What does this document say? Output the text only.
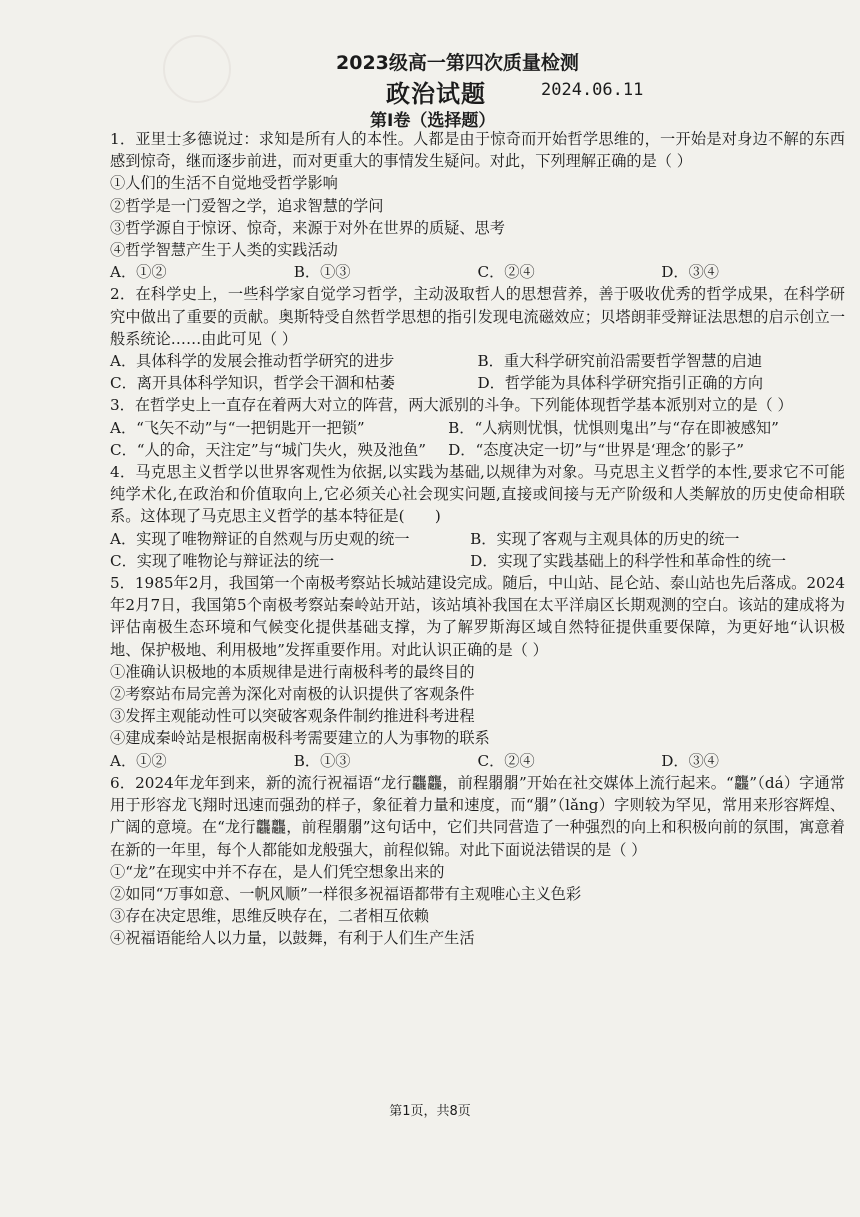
2023级高一第四次质量检测
政治试题	2024.06.11
第Ⅰ卷（选择题）

1．亚里士多德说过：求知是所有人的本性。人都是由于惊奇而开始哲学思维的，一开始是对身边不解的东西感到惊奇，继而逐步前进，而对更重大的事情发生疑问。对此，下列理解正确的是（ ）

①人们的生活不自觉地受哲学影响

②哲学是一门爱智之学，追求智慧的学问

③哲学源自于惊讶、惊奇，来源于对外在世界的质疑、思考

④哲学智慧产生于人类的实践活动

A．①②	B．①③	C．②④	D．③④

2．在科学史上，一些科学家自觉学习哲学，主动汲取哲人的思想营养，善于吸收优秀的哲学成果，在科学研究中做出了重要的贡献。奥斯特受自然哲学思想的指引发现电流磁效应；贝塔朗菲受辩证法思想的启示创立一般系统论……由此可见（ ）

A．具体科学的发展会推动哲学研究的进步	B．重大科学研究前沿需要哲学智慧的启迪
C．离开具体科学知识，哲学会干涸和枯萎	D．哲学能为具体科学研究指引正确的方向

3．在哲学史上一直存在着两大对立的阵营，两大派别的斗争。下列能体现哲学基本派别对立的是（ ）

A．“飞矢不动”与“一把钥匙开一把锁”	B．“人病则忧惧，忧惧则鬼出”与“存在即被感知”
C．“人的命，天注定”与“城门失火，殃及池鱼”	D．“态度决定一切”与“世界是‘理念’的影子”

4．马克思主义哲学以世界客观性为依据,以实践为基础,以规律为对象。马克思主义哲学的本性,要求它不可能纯学术化,在政治和价值取向上,它必须关心社会现实问题,直接或间接与无产阶级和人类解放的历史使命相联系。这体现了马克思主义哲学的基本特征是(　　)

A．实现了唯物辩证的自然观与历史观的统一	B．实现了客观与主观具体的历史的统一
C．实现了唯物论与辩证法的统一	D．实现了实践基础上的科学性和革命性的统一

5．1985年2月，我国第一个南极考察站长城站建设完成。随后，中山站、昆仑站、泰山站也先后落成。2024年2月7日，我国第5个南极考察站秦岭站开站，该站填补我国在太平洋扇区长期观测的空白。该站的建成将为评估南极生态环境和气候变化提供基础支撑，为了解罗斯海区域自然特征提供重要保障，为更好地“认识极地、保护极地、利用极地”发挥重要作用。对此认识正确的是（ ）

①准确认识极地的本质规律是进行南极科考的最终目的

②考察站布局完善为深化对南极的认识提供了客观条件

③发挥主观能动性可以突破客观条件制约推进科考进程

④建成秦岭站是根据南极科考需要建立的人为事物的联系

A．①②	B．①③	C．②④	D．③④

6．2024年龙年到来，新的流行祝福语“龙行龘龘，前程朤朤”开始在社交媒体上流行起来。“龘”（dá）字通常用于形容龙飞翔时迅速而强劲的样子，象征着力量和速度，而“朤”（lǎng）字则较为罕见，常用来形容辉煌、广阔的意境。在“龙行龘龘，前程朤朤”这句话中，它们共同营造了一种强烈的向上和积极向前的氛围，寓意着在新的一年里，每个人都能如龙般强大，前程似锦。对此下面说法错误的是（ ）

①“龙”在现实中并不存在，是人们凭空想象出来的

②如同“万事如意、一帆风顺”一样很多祝福语都带有主观唯心主义色彩

③存在决定思维，思维反映存在，二者相互依赖

④祝福语能给人以力量，以鼓舞，有利于人们生产生活

第1页，共8页
